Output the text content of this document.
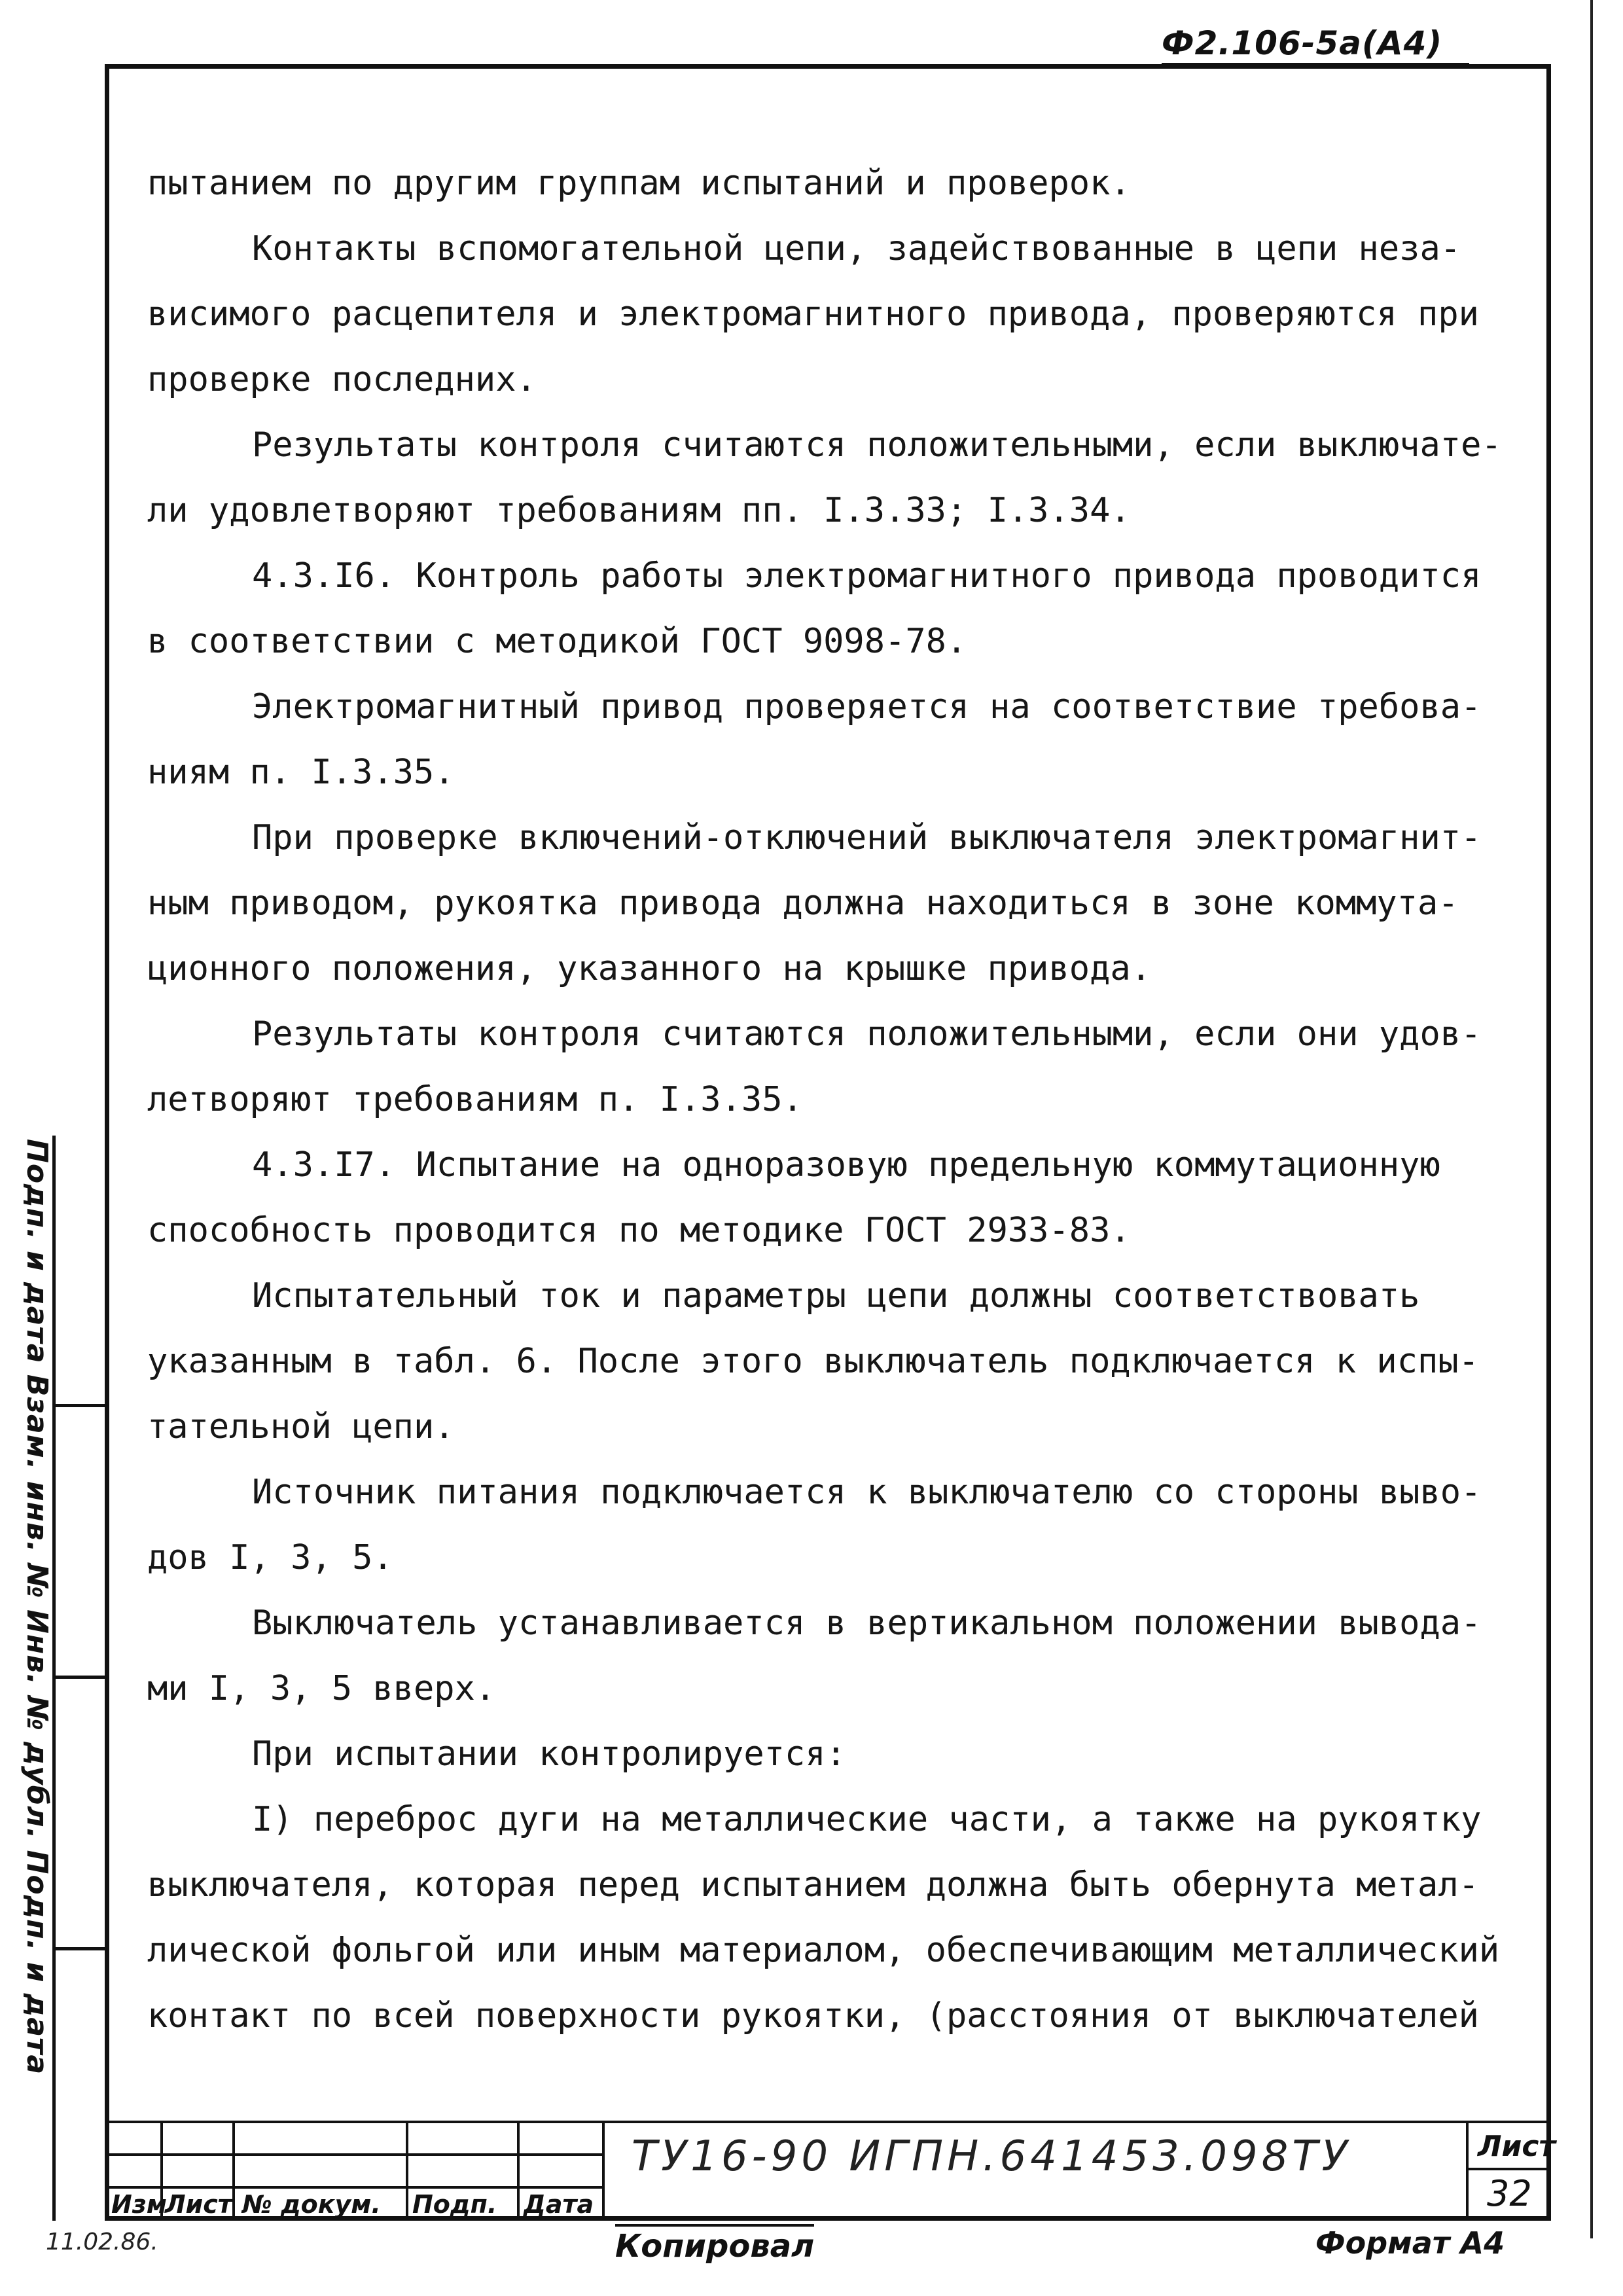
Ф2.106-5а(А4)
пытанием по другим группам испытаний и проверок.
Контакты вспомогательной цепи, задействованные в цепи неза-
висимого расцепителя и электромагнитного привода, проверяются при
проверке последних.
Результаты контроля считаются положительными, если выключате-
ли удовлетворяют требованиям пп. I.3.33; I.3.34.
4.3.I6. Контроль работы электромагнитного привода проводится
в соответствии с методикой ГОСТ 9098-78.
Электромагнитный привод проверяется на соответствие требова-
ниям п. I.3.35.
При проверке включений-отключений выключателя электромагнит-
ным приводом, рукоятка привода должна находиться в зоне коммута-
ционного положения, указанного на крышке привода.
Результаты контроля считаются положительными, если они удов-
летворяют требованиям п. I.3.35.
4.3.I7. Испытание на одноразовую предельную коммутационную
способность проводится по методике ГОСТ 2933-83.
Испытательный ток и параметры цепи должны соответствовать
указанным в табл. 6. После этого выключатель подключается к испы-
тательной цепи.
Источник питания подключается к выключателю со стороны выво-
дов I, 3, 5.
Выключатель устанавливается в вертикальном положении вывода-
ми I, 3, 5 вверх.
При испытании контролируется:
I) переброс дуги на металлические части, а также на рукоятку
выключателя, которая перед испытанием должна быть обернута метал-
лической фольгой или иным материалом, обеспечивающим металлический
контакт по всей поверхности рукоятки, (расстояния от выключателей
Подп. и дата Взам. инв. № Инв. № дубл. Подп. и дата
Изм
Лист № докум. Подп. Дата
ТУ16-90 ИГПН.641453.098ТУ	Лист
32
11.02.86.	Копировал	Формат А4
